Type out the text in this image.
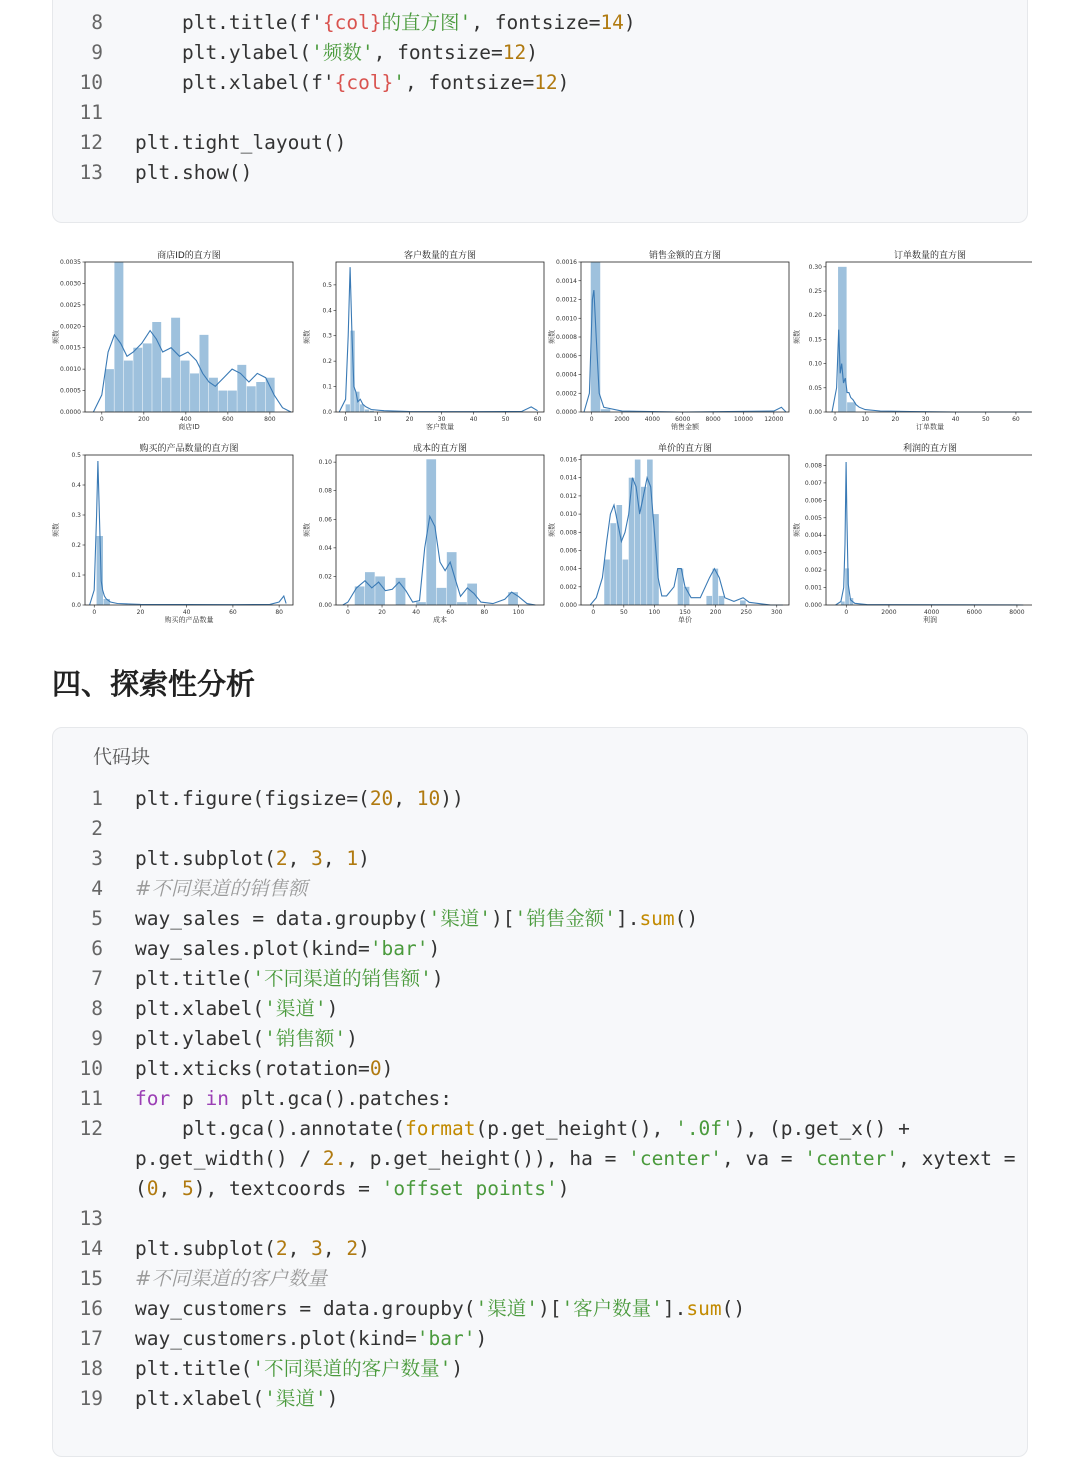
8 plt.title(f'{col}的直方图', fontsize=14)
9 plt.ylabel('频数', fontsize=12)
10 plt.xlabel(f'{col}', fontsize=12)
11
12 plt.tight_layout()
13 plt.show()
商店ID的直方图
0	200	400	600	800
0.0000
0.0005
0.0010
0.0015
0.0020
0.0025
0.0030
0.0035
商店ID
频数
客户数量的直方图
0	10	20	30	40	50	60
0.0
0.1
0.2
0.3
0.4
0.5
客户数量
频数
销售金额的直方图
0	2000	4000	6000	8000 10000 12000
0.0000
0.0002
0.0004
0.0006
0.0008
0.0010
0.0012
0.0014
0.0016
销售金额
频数
订单数量的直方图
0	10	20	30	40	50	60
0.00
0.05
0.10
0.15
0.20
0.25
0.30
订单数量
频数
购买的产品数量的直方图
0	20	40	60	80
0.0
0.1
0.2
0.3
0.4
0.5
购买的产品数量
频数
成本的直方图
0	20	40	60	80	100
0.00
0.02
0.04
0.06
0.08
0.10
成本
频数
单价的直方图
0	50	100	150	200	250	300
0.000
0.002
0.004
0.006
0.008
0.010
0.012
0.014
0.016
单价
频数
利润的直方图
0	2000	4000	6000	8000
0.000
0.001
0.002
0.003
0.004
0.005
0.006
0.007
0.008
利润
频数
四、探索性分析
代码块
1 plt.figure(figsize=(20, 10))
2
3 plt.subplot(2, 3, 1)
4 #不同渠道的销售额
5 way_sales = data.groupby('渠道')['销售金额'].sum()
6 way_sales.plot(kind='bar')
7 plt.title('不同渠道的销售额')
8 plt.xlabel('渠道')
9 plt.ylabel('销售额')
10 plt.xticks(rotation=0)
11 for p in plt.gca().patches:
12 plt.gca().annotate(format(p.get_height(), '.0f'), (p.get_x() +
p.get_width() / 2., p.get_height()), ha = 'center', va = 'center', xytext =
(0, 5), textcoords = 'offset points')
13
14 plt.subplot(2, 3, 2)
15 #不同渠道的客户数量
16 way_customers = data.groupby('渠道')['客户数量'].sum()
17 way_customers.plot(kind='bar')
18 plt.title('不同渠道的客户数量')
19 plt.xlabel('渠道')
